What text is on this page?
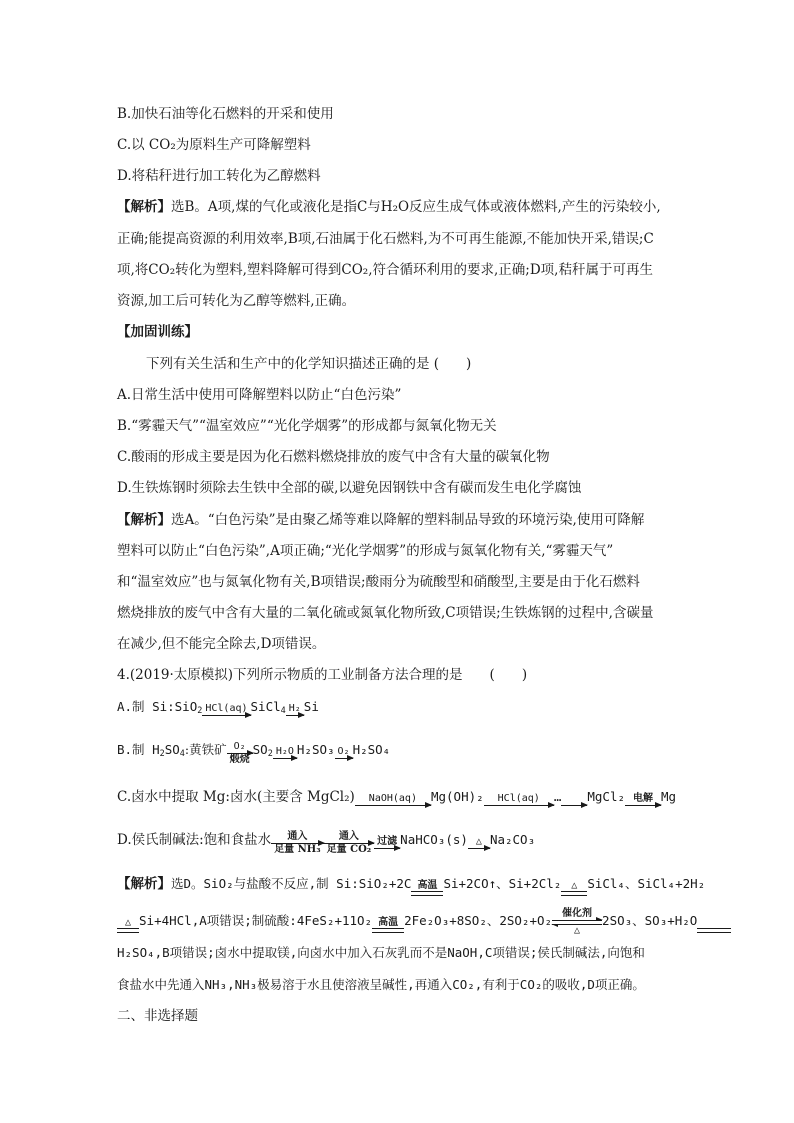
B.加快石油等化石燃料的开采和使用
C.以 CO₂为原料生产可降解塑料
D.将秸秆进行加工转化为乙醇燃料
【解析】选B。A项,煤的气化或液化是指C与H₂O反应生成气体或液体燃料,产生的污染较小,
正确;能提高资源的利用效率,B项,石油属于化石燃料,为不可再生能源,不能加快开采,错误;C
项,将CO₂转化为塑料,塑料降解可得到CO₂,符合循环利用的要求,正确;D项,秸秆属于可再生
资源,加工后可转化为乙醇等燃料,正确。
【加固训练】
下列有关生活和生产中的化学知识描述正确的是 (　　)
A.日常生活中使用可降解塑料以防止“白色污染”
B.“雾霾天气”“温室效应”“光化学烟雾”的形成都与氮氧化物无关
C.酸雨的形成主要是因为化石燃料燃烧排放的废气中含有大量的碳氧化物
D.生铁炼钢时须除去生铁中全部的碳,以避免因钢铁中含有碳而发生电化学腐蚀
【解析】选A。“白色污染”是由聚乙烯等难以降解的塑料制品导致的环境污染,使用可降解
塑料可以防止“白色污染”,A项正确;“光化学烟雾”的形成与氮氧化物有关,“雾霾天气”
和“温室效应”也与氮氧化物有关,B项错误;酸雨分为硫酸型和硝酸型,主要是由于化石燃料
燃烧排放的废气中含有大量的二氧化硫或氮氧化物所致,C项错误;生铁炼钢的过程中,含碳量
在减少,但不能完全除去,D项错误。
4.(2019·太原模拟)下列所示物质的工业制备方法合理的是　　(　　)
A.制 Si:SiO$_2$ HCl(aq) SiCl$_4$ H₂ Si
B.制 $H_2SO_4$:黄铁矿 O₂
煅烧
$SO_2$ H₂O H₂SO₃ O₂ H₂SO₄
C.卤水中提取 Mg:卤水(主要含 MgCl₂)	NaOH(aq)	Mg(OH)₂	HCl(aq)	…→MgCl₂ 电解 Mg
D.侯氏制碱法:饱和食盐水	通入
足量 NH₃
通入
足量 CO₂
过滤 NaHCO₃(s) △ Na₂CO₃
【解析】选D。SiO₂与盐酸不反应,制 Si:SiO₂+2C 高温 Si+2CO↑、Si+2Cl₂	△ SiCl₄、SiCl₄+2H₂
△ Si+4HCl,A项错误;制硫酸:4FeS₂+11O₂ 高温 2Fe₂O₃+8SO₂、2SO₂+O₂	催化剂
△
2SO₃、SO₃+H₂O

H₂SO₄,B项错误;卤水中提取镁,向卤水中加入石灰乳而不是NaOH,C项错误;侯氏制碱法,向饱和
食盐水中先通入NH₃,NH₃极易溶于水且使溶液呈碱性,再通入CO₂,有利于CO₂的吸收,D项正确。
二、非选择题
